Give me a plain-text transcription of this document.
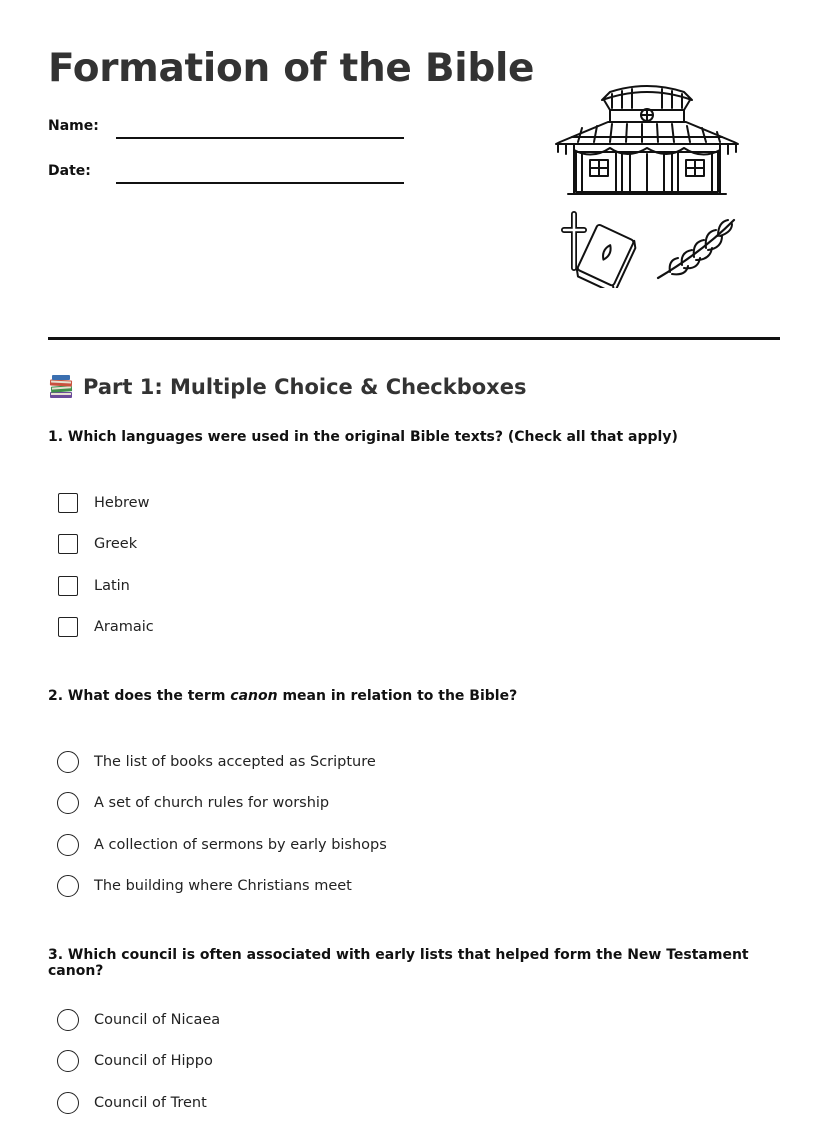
Formation of the Bible
Name:
Date:
Part 1: Multiple Choice & Checkboxes

1. Which languages were used in the original Bible texts? (Check all that apply)

Hebrew
Greek
Latin
Aramaic

2. What does the term canon mean in relation to the Bible?

The list of books accepted as Scripture
A set of church rules for worship
A collection of sermons by early bishops
The building where Christians meet

3. Which council is often associated with early lists that helped form the New Testament canon?

Council of Nicaea
Council of Hippo
Council of Trent
